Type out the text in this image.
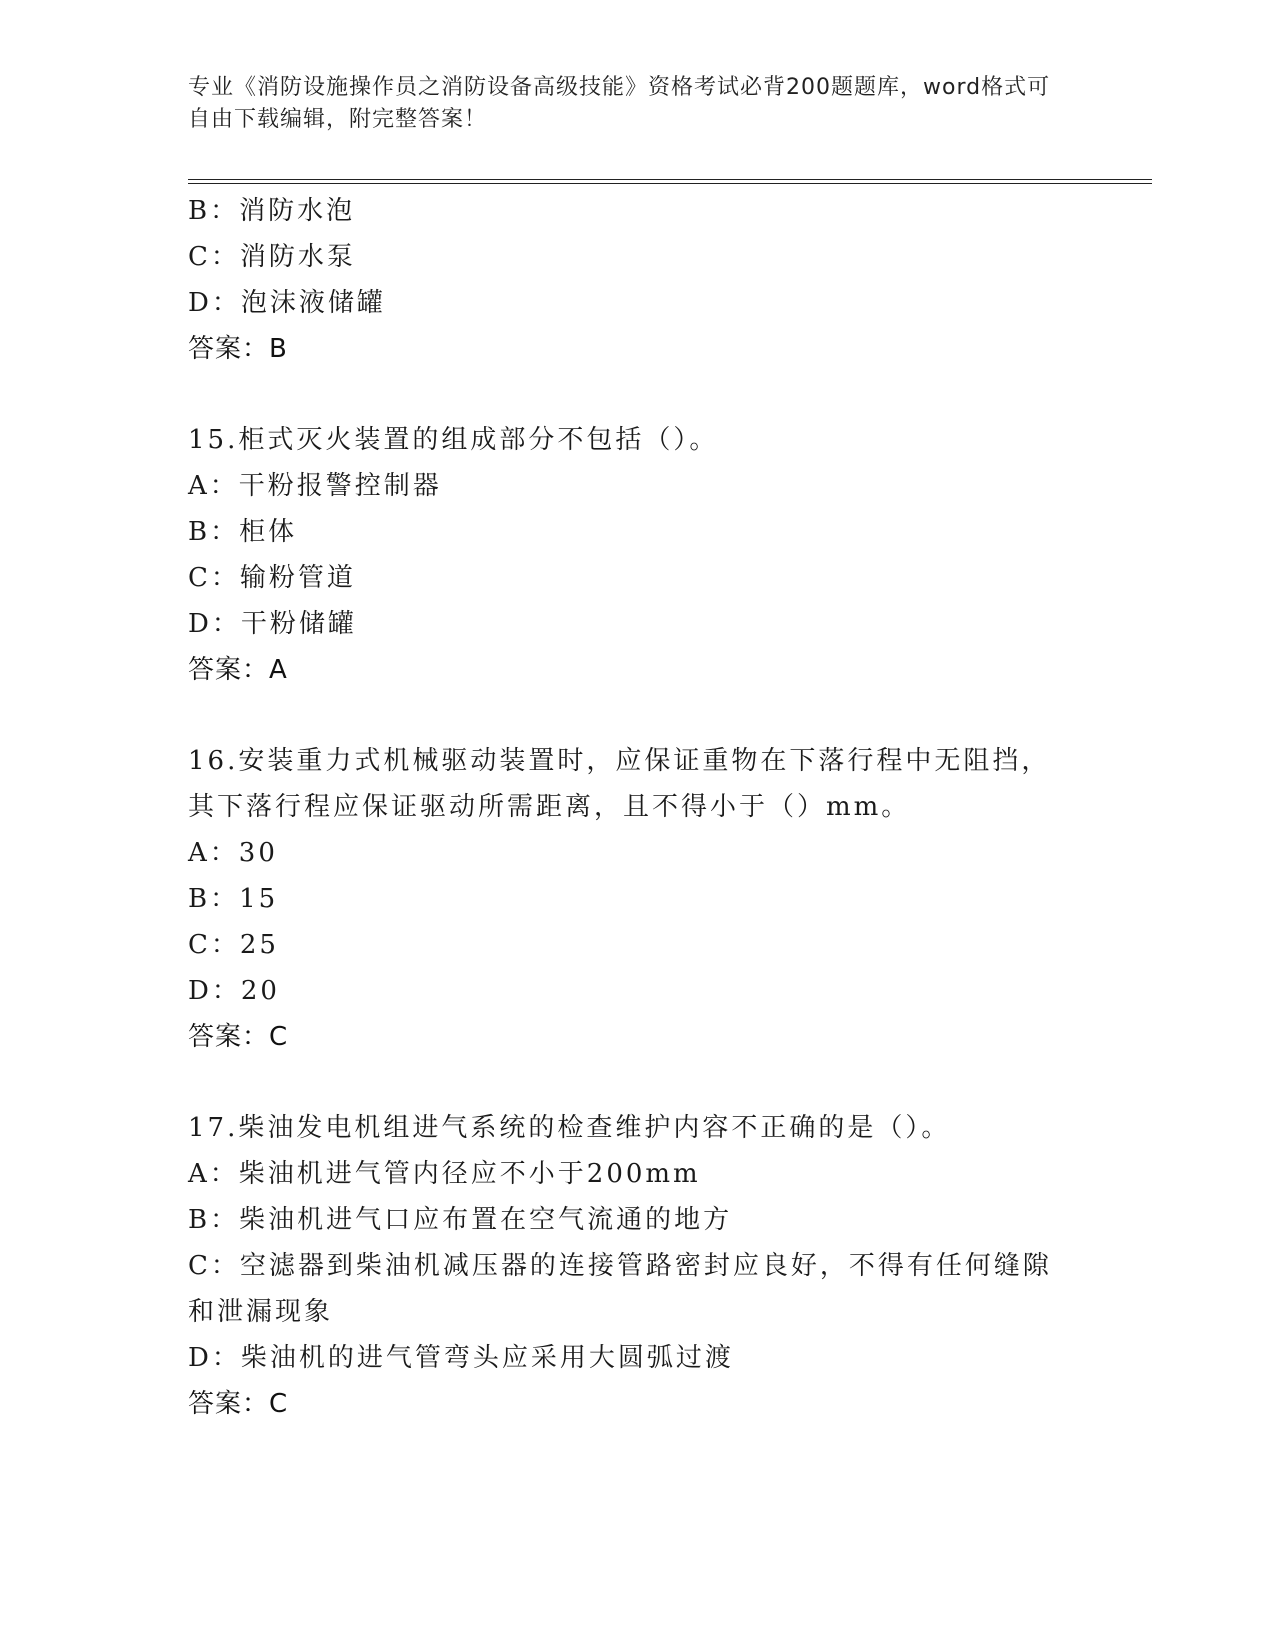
专业《消防设施操作员之消防设备高级技能》资格考试必背200题题库，word格式可自由下载编辑，附完整答案！
B：消防水泡
C：消防水泵
D：泡沫液储罐
答案：B
15.柜式灭火装置的组成部分不包括（）。
A：干粉报警控制器
B：柜体
C：输粉管道
D：干粉储罐
答案：A
16.安装重力式机械驱动装置时，应保证重物在下落行程中无阻挡，其下落行程应保证驱动所需距离，且不得小于（）mm。
A：30
B：15
C：25
D：20
答案：C
17.柴油发电机组进气系统的检查维护内容不正确的是（）。
A：柴油机进气管内径应不小于200mm
B：柴油机进气口应布置在空气流通的地方
C：空滤器到柴油机减压器的连接管路密封应良好，不得有任何缝隙和泄漏现象
D：柴油机的进气管弯头应采用大圆弧过渡
答案：C
